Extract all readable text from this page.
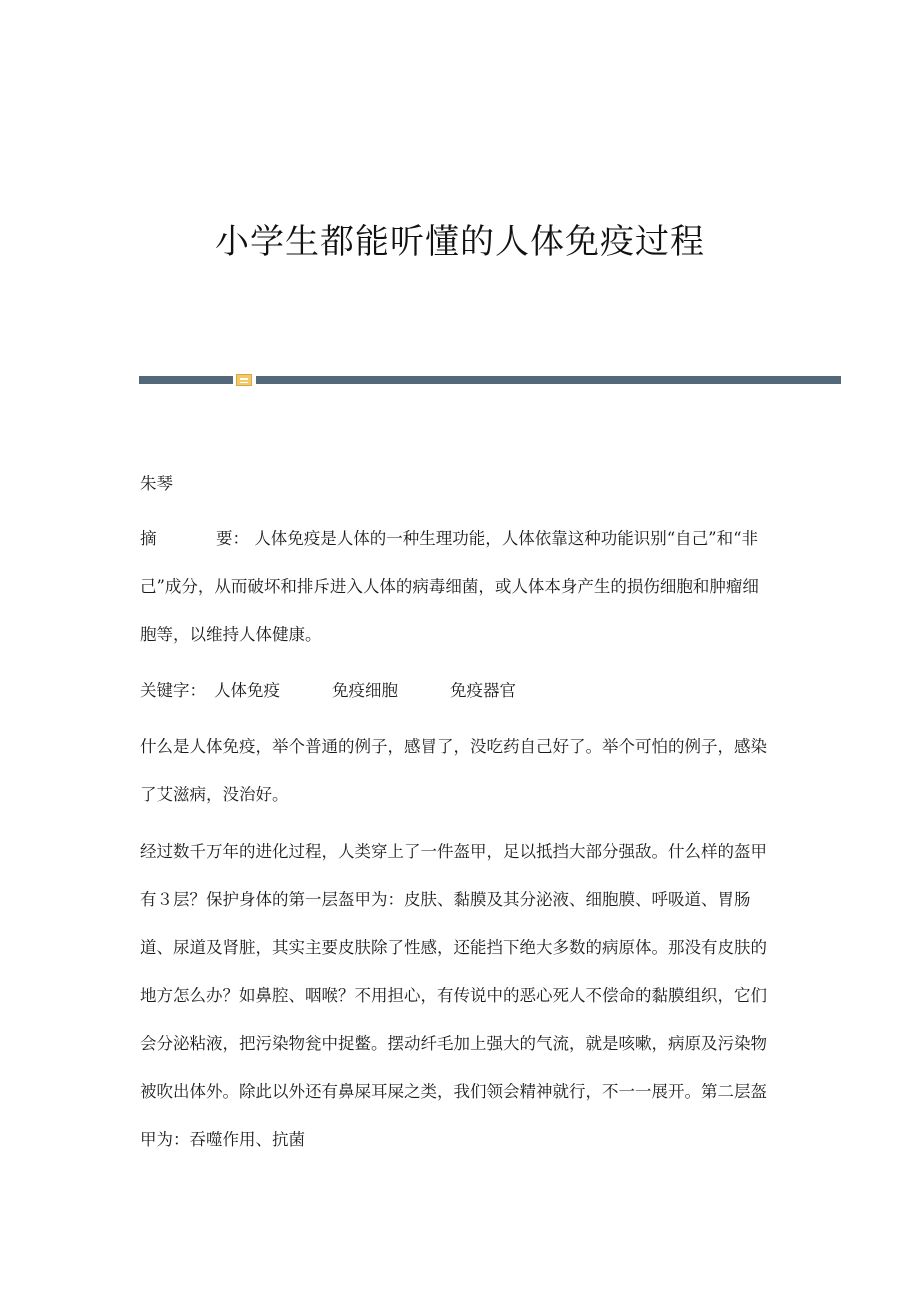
小学生都能听懂的人体免疫过程
朱琴
摘	要： 人体免疫是人体的一种生理功能，人体依靠这种功能识别“自己”和“非己”成分，从而破坏和排斥进入人体的病毒细菌，或人体本身产生的损伤细胞和肿瘤细胞等，以维持人体健康。
关键字： 人体免疫	免疫细胞	免疫器官
什么是人体免疫，举个普通的例子，感冒了，没吃药自己好了。举个可怕的例子，感染了艾滋病，没治好。
经过数千万年的进化过程，人类穿上了一件盔甲，足以抵挡大部分强敌。什么样的盔甲有３层？保护身体的第一层盔甲为：皮肤、黏膜及其分泌液、细胞膜、呼吸道、胃肠道、尿道及肾脏，其实主要皮肤除了性感，还能挡下绝大多数的病原体。那没有皮肤的地方怎么办？如鼻腔、咽喉？不用担心，有传说中的恶心死人不偿命的黏膜组织，它们会分泌粘液，把污染物瓮中捉鳖。摆动纤毛加上强大的气流，就是咳嗽，病原及污染物被吹出体外。除此以外还有鼻屎耳屎之类，我们领会精神就行，不一一展开。第二层盔甲为：吞噬作用、抗菌
